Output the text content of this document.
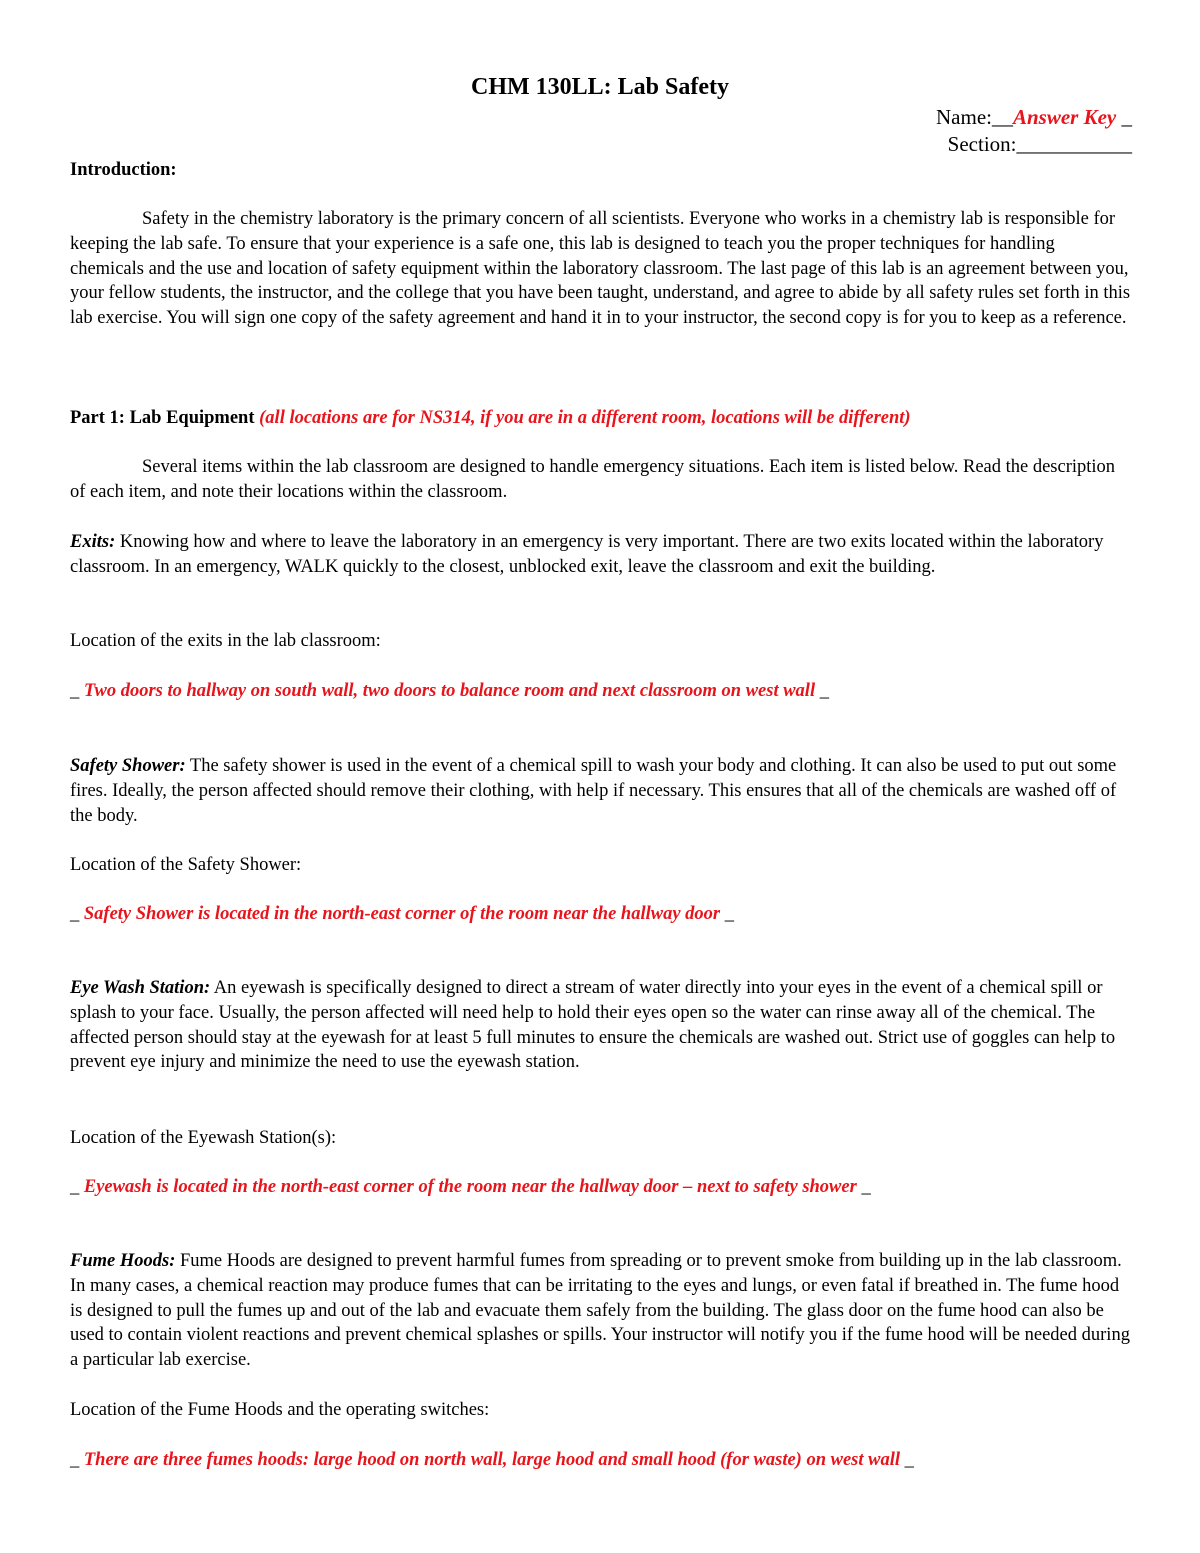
CHM 130LL: Lab Safety
Name:__Answer Key _
Section:___________
Introduction:
Safety in the chemistry laboratory is the primary concern of all scientists. Everyone who works in a chemistry lab is responsible for keeping the lab safe. To ensure that your experience is a safe one, this lab is designed to teach you the proper techniques for handling chemicals and the use and location of safety equipment within the laboratory classroom. The last page of this lab is an agreement between you, your fellow students, the instructor, and the college that you have been taught, understand, and agree to abide by all safety rules set forth in this lab exercise. You will sign one copy of the safety agreement and hand it in to your instructor, the second copy is for you to keep as a reference.
Part 1: Lab Equipment (all locations are for NS314, if you are in a different room, locations will be different)
Several items within the lab classroom are designed to handle emergency situations. Each item is listed below. Read the description of each item, and note their locations within the classroom.
Exits: Knowing how and where to leave the laboratory in an emergency is very important. There are two exits located within the laboratory classroom. In an emergency, WALK quickly to the closest, unblocked exit, leave the classroom and exit the building.
Location of the exits in the lab classroom:
_ Two doors to hallway on south wall, two doors to balance room and next classroom on west wall _
Safety Shower: The safety shower is used in the event of a chemical spill to wash your body and clothing. It can also be used to put out some fires. Ideally, the person affected should remove their clothing, with help if necessary. This ensures that all of the chemicals are washed off of the body.
Location of the Safety Shower:
_ Safety Shower is located in the north-east corner of the room near the hallway door _
Eye Wash Station: An eyewash is specifically designed to direct a stream of water directly into your eyes in the event of a chemical spill or splash to your face. Usually, the person affected will need help to hold their eyes open so the water can rinse away all of the chemical. The affected person should stay at the eyewash for at least 5 full minutes to ensure the chemicals are washed out. Strict use of goggles can help to prevent eye injury and minimize the need to use the eyewash station.
Location of the Eyewash Station(s):
_ Eyewash is located in the north-east corner of the room near the hallway door – next to safety shower _
Fume Hoods: Fume Hoods are designed to prevent harmful fumes from spreading or to prevent smoke from building up in the lab classroom. In many cases, a chemical reaction may produce fumes that can be irritating to the eyes and lungs, or even fatal if breathed in. The fume hood is designed to pull the fumes up and out of the lab and evacuate them safely from the building. The glass door on the fume hood can also be used to contain violent reactions and prevent chemical splashes or spills. Your instructor will notify you if the fume hood will be needed during a particular lab exercise.
Location of the Fume Hoods and the operating switches:
_ There are three fumes hoods: large hood on north wall, large hood and small hood (for waste) on west wall _
